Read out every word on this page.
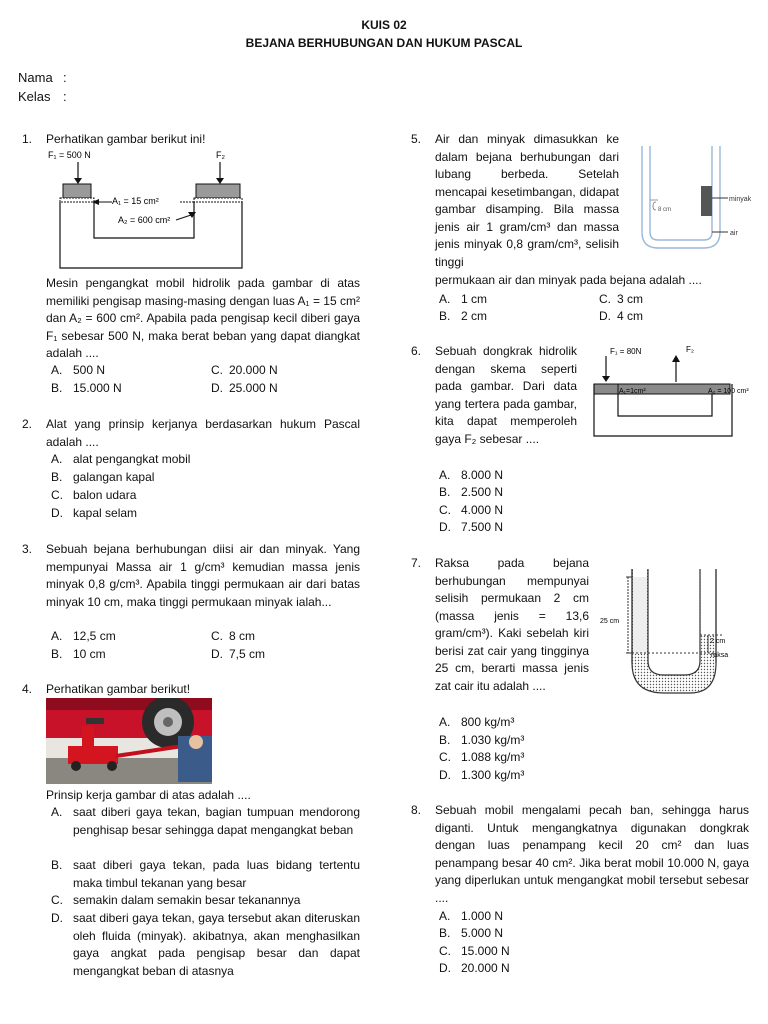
KUIS 02
BEJANA BERHUBUNGAN DAN HUKUM PASCAL
Nama :
Kelas :
1. Perhatikan gambar berikut ini!
F₁ = 500 N	F₂
A₁ = 15 cm²
A₂ = 600 cm²
Mesin pengangkat mobil hidrolik pada gambar di atas memiliki pengisap masing-masing dengan luas A₁ = 15 cm² dan A₂ = 600 cm². Apabila pada pengisap kecil diberi gaya F₁ sebesar 500 N, maka berat beban yang dapat diangkat adalah ....
A. 500 N
B. 15.000 N
C. 20.000 N
D. 25.000 N
2. Alat yang prinsip kerjanya berdasarkan hukum Pascal adalah ....
A. alat pengangkat mobil
B. galangan kapal
C. balon udara
D. kapal selam
3. Sebuah bejana berhubungan diisi air dan minyak. Yang mempunyai Massa air 1 g/cm³ kemudian massa jenis minyak 0,8 g/cm³. Apabila tinggi permukaan air dari batas minyak 10 cm, maka tinggi permukaan minyak ialah...
A. 12,5 cm
B. 10 cm
C. 8 cm
D. 7,5 cm
4. Perhatikan gambar berikut!
Prinsip kerja gambar di atas adalah ....
A. saat diberi gaya tekan, bagian tumpuan mendorong penghisap besar sehingga dapat mengangkat beban
B. saat diberi gaya tekan, pada luas bidang tertentu maka timbul tekanan yang besar
C. semakin dalam semakin besar tekanannya
D. saat diberi gaya tekan, gaya tersebut akan diteruskan oleh fluida (minyak). akibatnya, akan menghasilkan gaya angkat pada pengisap besar dan dapat mengangkat beban di atasnya
5. Air dan minyak dimasukkan ke dalam bejana berhubungan dari lubang berbeda. Setelah mencapai kesetimbangan, didapat gambar disamping. Bila massa jenis air 1 gram/cm³ dan massa jenis minyak 0,8 gram/cm³, selisih tinggi
permukaan air dan minyak pada bejana adalah ....
8 cm
minyak
air
A. 1 cm
B. 2 cm
C. 3 cm
D. 4 cm
6. Sebuah dongkrak hidrolik dengan skema seperti pada gambar. Dari data yang tertera pada gambar, kita dapat memperoleh gaya F₂ sebesar ....
F₁ = 80N	F₂
A₁=1cm²	A₂ = 100 cm²
A. 8.000 N
B. 2.500 N
C. 4.000 N
D. 7.500 N
7. Raksa pada bejana berhubungan mempunyai selisih permukaan 2 cm (massa jenis = 13,6 gram/cm³). Kaki sebelah kiri berisi zat cair yang tingginya 25 cm, berarti massa jenis zat cair itu adalah ....
25 cm
2 cm
raksa
A. 800 kg/m³
B. 1.030 kg/m³
C. 1.088 kg/m³
D. 1.300 kg/m³
8. Sebuah mobil mengalami pecah ban, sehingga harus diganti. Untuk mengangkatnya digunakan dongkrak dengan luas penampang kecil 20 cm² dan luas penampang besar 40 cm². Jika berat mobil 10.000 N, gaya yang diperlukan untuk mengangkat mobil tersebut sebesar ....
A. 1.000 N
B. 5.000 N
C. 15.000 N
D. 20.000 N
